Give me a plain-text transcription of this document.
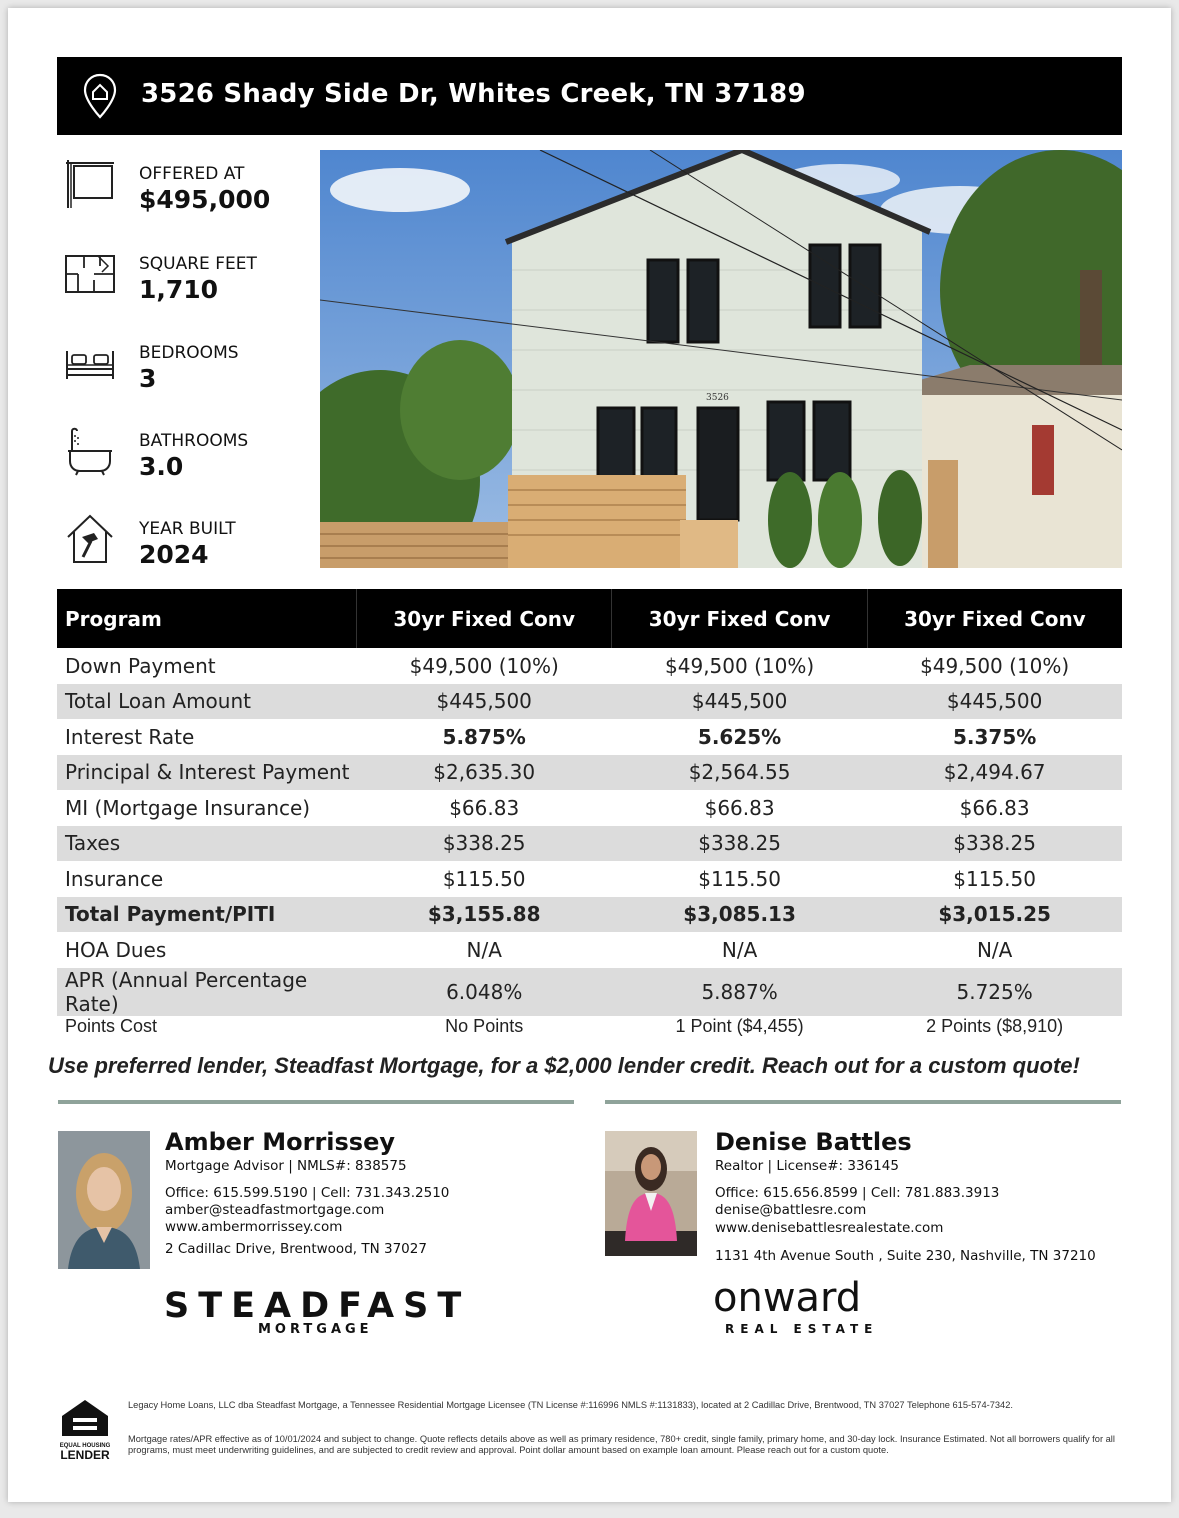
3526 Shady Side Dr, Whites Creek, TN 37189
OFFERED AT
$495,000
SQUARE FEET
1,710
BEDROOMS
3
BATHROOMS
3.0
YEAR BUILT
2024
3526
Program	30yr Fixed Conv	30yr Fixed Conv	30yr Fixed Conv
Down Payment	$49,500 (10%)	$49,500 (10%)	$49,500 (10%)
Total Loan Amount	$445,500	$445,500	$445,500
Interest Rate	5.875%	5.625%	5.375%
Principal & Interest Payment	$2,635.30	$2,564.55	$2,494.67
MI (Mortgage Insurance)	$66.83	$66.83	$66.83
Taxes	$338.25	$338.25	$338.25
Insurance	$115.50	$115.50	$115.50
Total Payment/PITI	$3,155.88	$3,085.13	$3,015.25
HOA Dues	N/A	N/A	N/A
APR (Annual Percentage Rate)	6.048%	5.887%	5.725%
Points Cost	No Points	1 Point ($4,455)	2 Points ($8,910)
Use preferred lender, Steadfast Mortgage, for a $2,000 lender credit. Reach out for a custom quote!
Amber Morrissey
Mortgage Advisor | NMLS#: 838575
Office: 615.599.5190 | Cell: 731.343.2510
amber@steadfastmortgage.com
www.ambermorrissey.com
2 Cadillac Drive, Brentwood, TN 37027
STEADFAST
MORTGAGE
Denise Battles
Realtor | License#: 336145
Office: 615.656.8599 | Cell: 781.883.3913
denise@battlesre.com
www.denisebattlesrealestate.com
1131 4th Avenue South , Suite 230, Nashville, TN 37210
onward
REAL ESTATE
EQUAL HOUSING
LENDER
Legacy Home Loans, LLC dba Steadfast Mortgage, a Tennessee Residential Mortgage Licensee (TN License #:116996 NMLS #:1131833), located at 2 Cadillac Drive, Brentwood, TN 37027 Telephone 615-574-7342.
Mortgage rates/APR effective as of 10/01/2024 and subject to change. Quote reflects details above as well as primary residence, 780+ credit, single family, primary home, and 30-day lock. Insurance Estimated. Not all borrowers qualify for all programs, must meet underwriting guidelines, and are subjected to credit review and approval. Point dollar amount based on example loan amount. Please reach out for a custom quote.
